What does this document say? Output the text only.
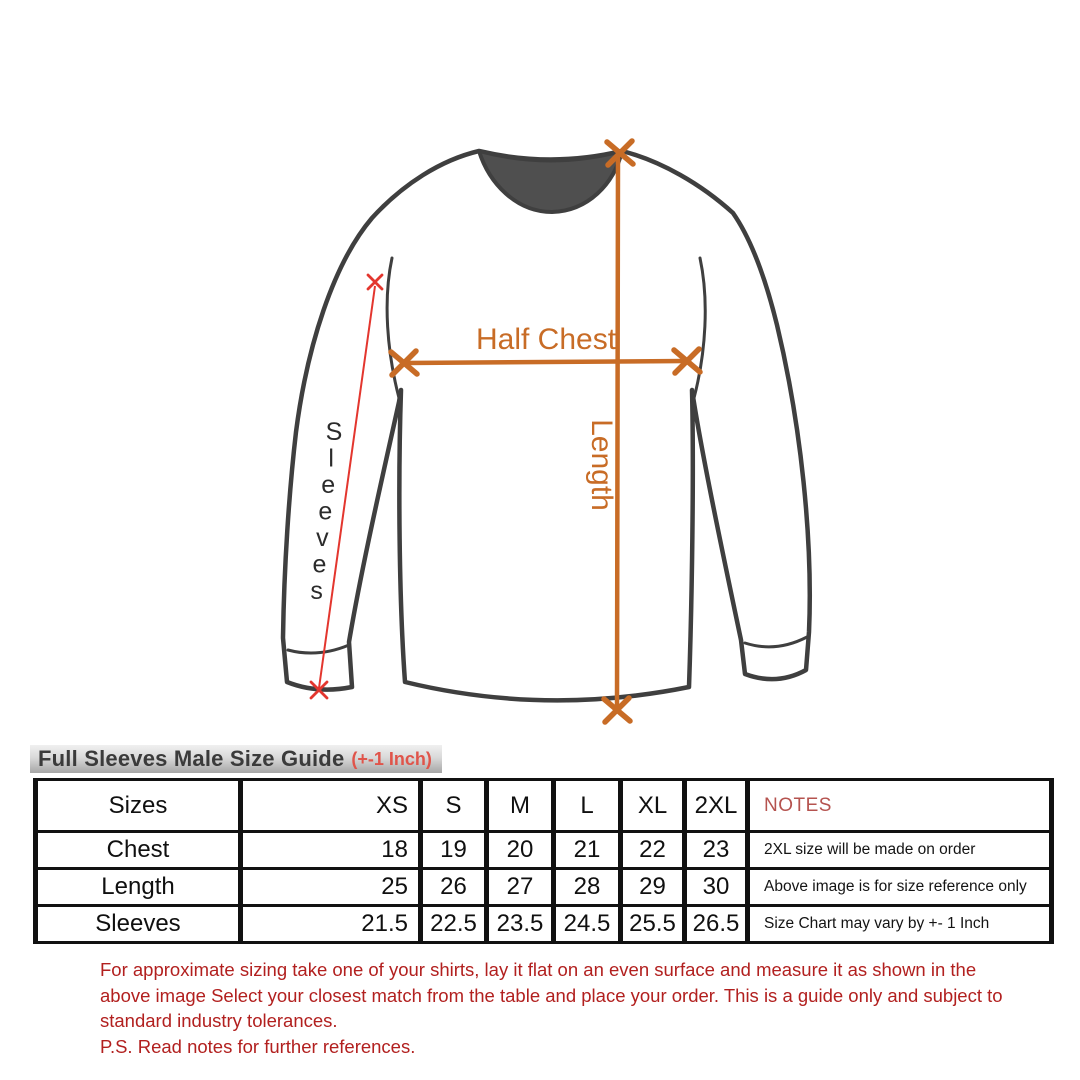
Half Chest
Length
S
l
e
e
v
e
s
Full Sleeves Male Size Guide (+-1 Inch)
Sizes	XS	S	M	L	XL	2XL	NOTES
Chest	18	19	20	21	22	23	2XL size will be made on order
Length	25	26	27	28	29	30	Above image is for size reference only
Sleeves	21.5	22.5	23.5	24.5	25.5	26.5	Size Chart may vary by +- 1 Inch
For approximate sizing take one of your shirts, lay it flat on an even surface and measure it as shown in the
above image Select your closest match from the table and place your order. This is a guide only and subject to
standard industry tolerances.
P.S. Read notes for further references.
